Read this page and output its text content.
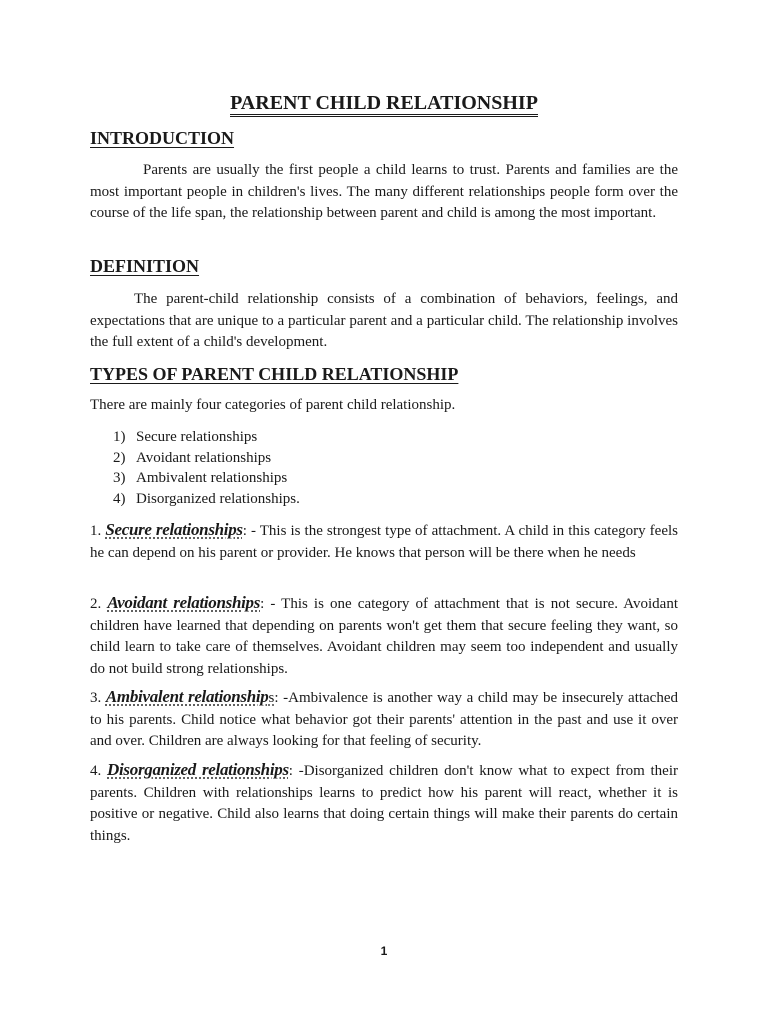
PARENT CHILD RELATIONSHIP
INTRODUCTION

Parents are usually the first people a child learns to trust. Parents and families are the most important people in children's lives. The many different relationships people form over the course of the life span, the relationship between parent and child is among the most important.

DEFINITION

The parent-child relationship consists of a combination of behaviors, feelings, and expectations that are unique to a particular parent and a particular child. The relationship involves the full extent of a child's development.

TYPES OF PARENT CHILD RELATIONSHIP
There are mainly four categories of parent child relationship.
1) Secure relationships
2) Avoidant relationships
3) Ambivalent relationships
4) Disorganized relationships.

1. Secure relationships: - This is the strongest type of attachment. A child in this category feels he can depend on his parent or provider. He knows that person will be there when he needs

2. Avoidant relationships: - This is one category of attachment that is not secure. Avoidant children have learned that depending on parents won't get them that secure feeling they want, so child learn to take care of themselves. Avoidant children may seem too independent and usually do not build strong relationships.

3. Ambivalent relationships: -Ambivalence is another way a child may be insecurely attached to his parents. Child notice what behavior got their parents' attention in the past and use it over and over. Children are always looking for that feeling of security.

4. Disorganized relationships: -Disorganized children don't know what to expect from their parents. Children with relationships learns to predict how his parent will react, whether it is positive or negative. Child also learns that doing certain things will make their parents do certain things.

1
